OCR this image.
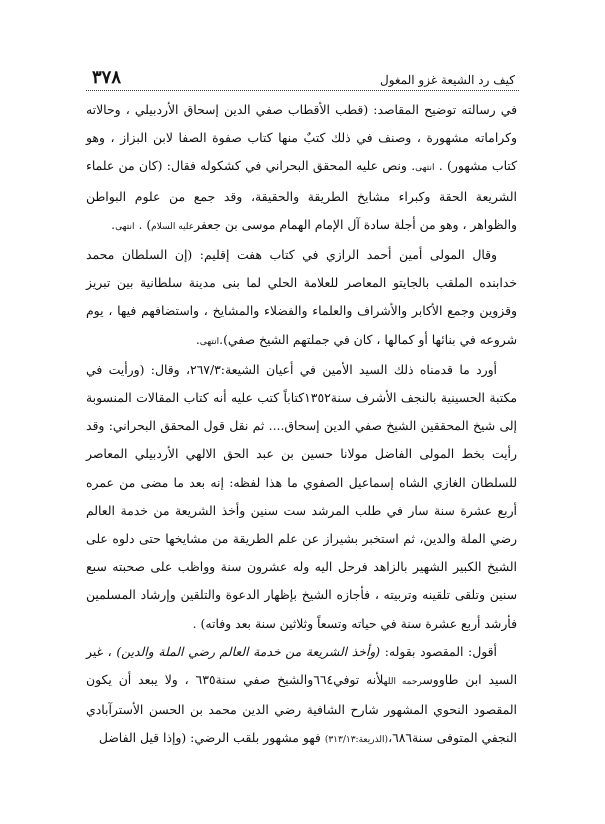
كيف رد الشيعة غزو المغول
٣٧٨

في رسالته توضيح المقاصد: (قطب الأقطاب صفي الدين إسحاق الأردبيلي ، وحالاته وكراماته مشهورة ، وصنف في ذلك كتبٌ منها كتاب صفوة الصفا لابن البزاز ، وهو كتاب مشهور) . انتهى. ونص عليه المحقق البحراني في كشكوله فقال: (كان من علماء الشريعة الحقة وكبراء مشايخ الطريقة والحقيقة، وقد جمع من علوم البواطن والظواهر ، وهو من أجلة سادة آل الإمام الهمام موسى بن جعفرعليه السلام) . انتهى.

وقال المولى أمين أحمد الرازي في كتاب هفت إقليم: (إن السلطان محمد خدابنده الملقب بالجايتو المعاصر للعلامة الحلي لما بنى مدينة سلطانية بين تبريز وقزوين وجمع الأكابر والأشراف والعلماء والفضلاء والمشايخ ، واستضافهم فيها ، يوم شروعه في بنائها أو كمالها ، كان في جملتهم الشيخ صفي).انتهى.

أورد ما قدمناه ذلك السيد الأمين في أعيان الشيعة:٢٦٧/٣، وقال: (ورأيت في مكتبة الحسينية بالنجف الأشرف سنة١٣٥٢كتاباً كتب عليه أنه كتاب المقالات المنسوبة إلى شيخ المحققين الشيخ صفي الدين إسحاق.... ثم نقل قول المحقق البحراني: وقد رأيت بخط المولى الفاضل مولانا حسين بن عبد الحق الالهي الأردبيلي المعاصر للسلطان الغازي الشاه إسماعيل الصفوي ما هذا لفظه: إنه بعد ما مضى من عمره أربع عشرة سنة سار في طلب المرشد ست سنين وأخذ الشريعة من خدمة العالم رضي الملة والدين، ثم استخبر بشيراز عن علم الطريقة من مشايخها حتى دلوه على الشيخ الكبير الشهير بالزاهد فرحل اليه وله عشرون سنة وواظب على صحبته سبع سنين وتلقى تلقينه وتربيته ، فأجازه الشيخ بإظهار الدعوة والتلقين وإرشاد المسلمين فأرشد أربع عشرة سنة في حياته وتسعاً وثلاثين سنة بعد وفاته) .

أقول: المقصود بقوله: (وأخذ الشريعة من خدمة العالم رضي الملة والدين) ، غير السيد ابن طاووسرحمه اللهلأنه توفي٦٦٤والشيخ صفي سنة٦٣٥ ، ولا يبعد أن يكون المقصود النحوي المشهور شارح الشافية رضي الدين محمد بن الحسن الأسترآبادي النجفي المتوفى سنة٦٨٦،(الذريعة:٣١٣/١٣) فهو مشهور بلقب الرضي: (وإذا قيل الفاضل
